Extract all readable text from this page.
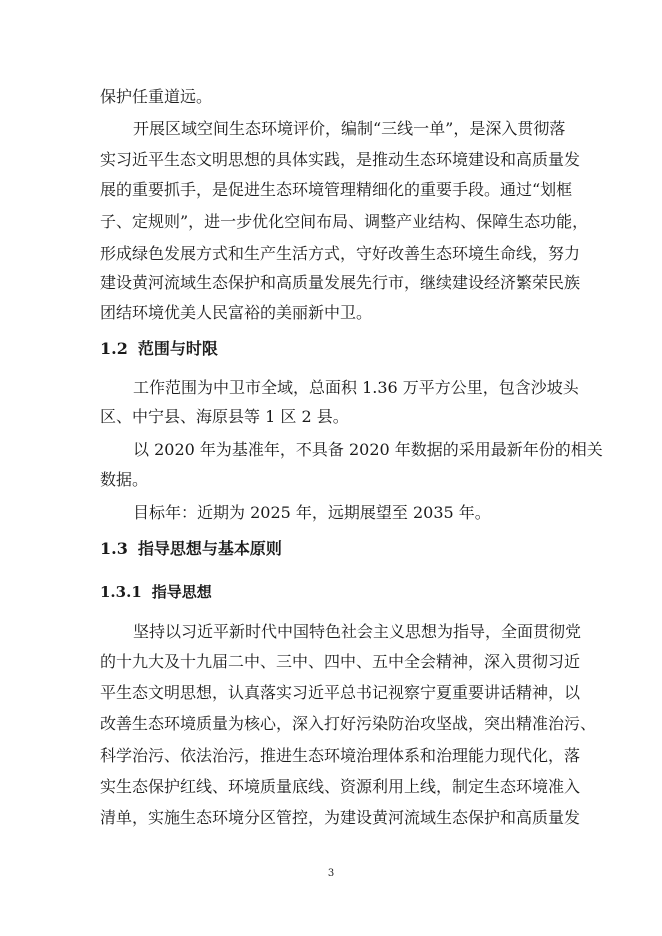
保护任重道远。
开展区域空间生态环境评价，编制“三线一单”，是深入贯彻落
实习近平生态文明思想的具体实践，是推动生态环境建设和高质量发
展的重要抓手，是促进生态环境管理精细化的重要手段。通过“划框
子、定规则”，进一步优化空间布局、调整产业结构、保障生态功能，
形成绿色发展方式和生产生活方式，守好改善生态环境生命线，努力
建设黄河流域生态保护和高质量发展先行市，继续建设经济繁荣民族
团结环境优美人民富裕的美丽新中卫。
1.2 范围与时限
工作范围为中卫市全域，总面积 1.36 万平方公里，包含沙坡头
区、中宁县、海原县等 1 区 2 县。
以 2020 年为基准年，不具备 2020 年数据的采用最新年份的相关
数据。
目标年：近期为 2025 年，远期展望至 2035 年。
1.3 指导思想与基本原则
1.3.1 指导思想
坚持以习近平新时代中国特色社会主义思想为指导，全面贯彻党
的十九大及十九届二中、三中、四中、五中全会精神，深入贯彻习近
平生态文明思想，认真落实习近平总书记视察宁夏重要讲话精神，以
改善生态环境质量为核心，深入打好污染防治攻坚战，突出精准治污、
科学治污、依法治污，推进生态环境治理体系和治理能力现代化，落
实生态保护红线、环境质量底线、资源利用上线，制定生态环境准入
清单，实施生态环境分区管控，为建设黄河流域生态保护和高质量发
3
